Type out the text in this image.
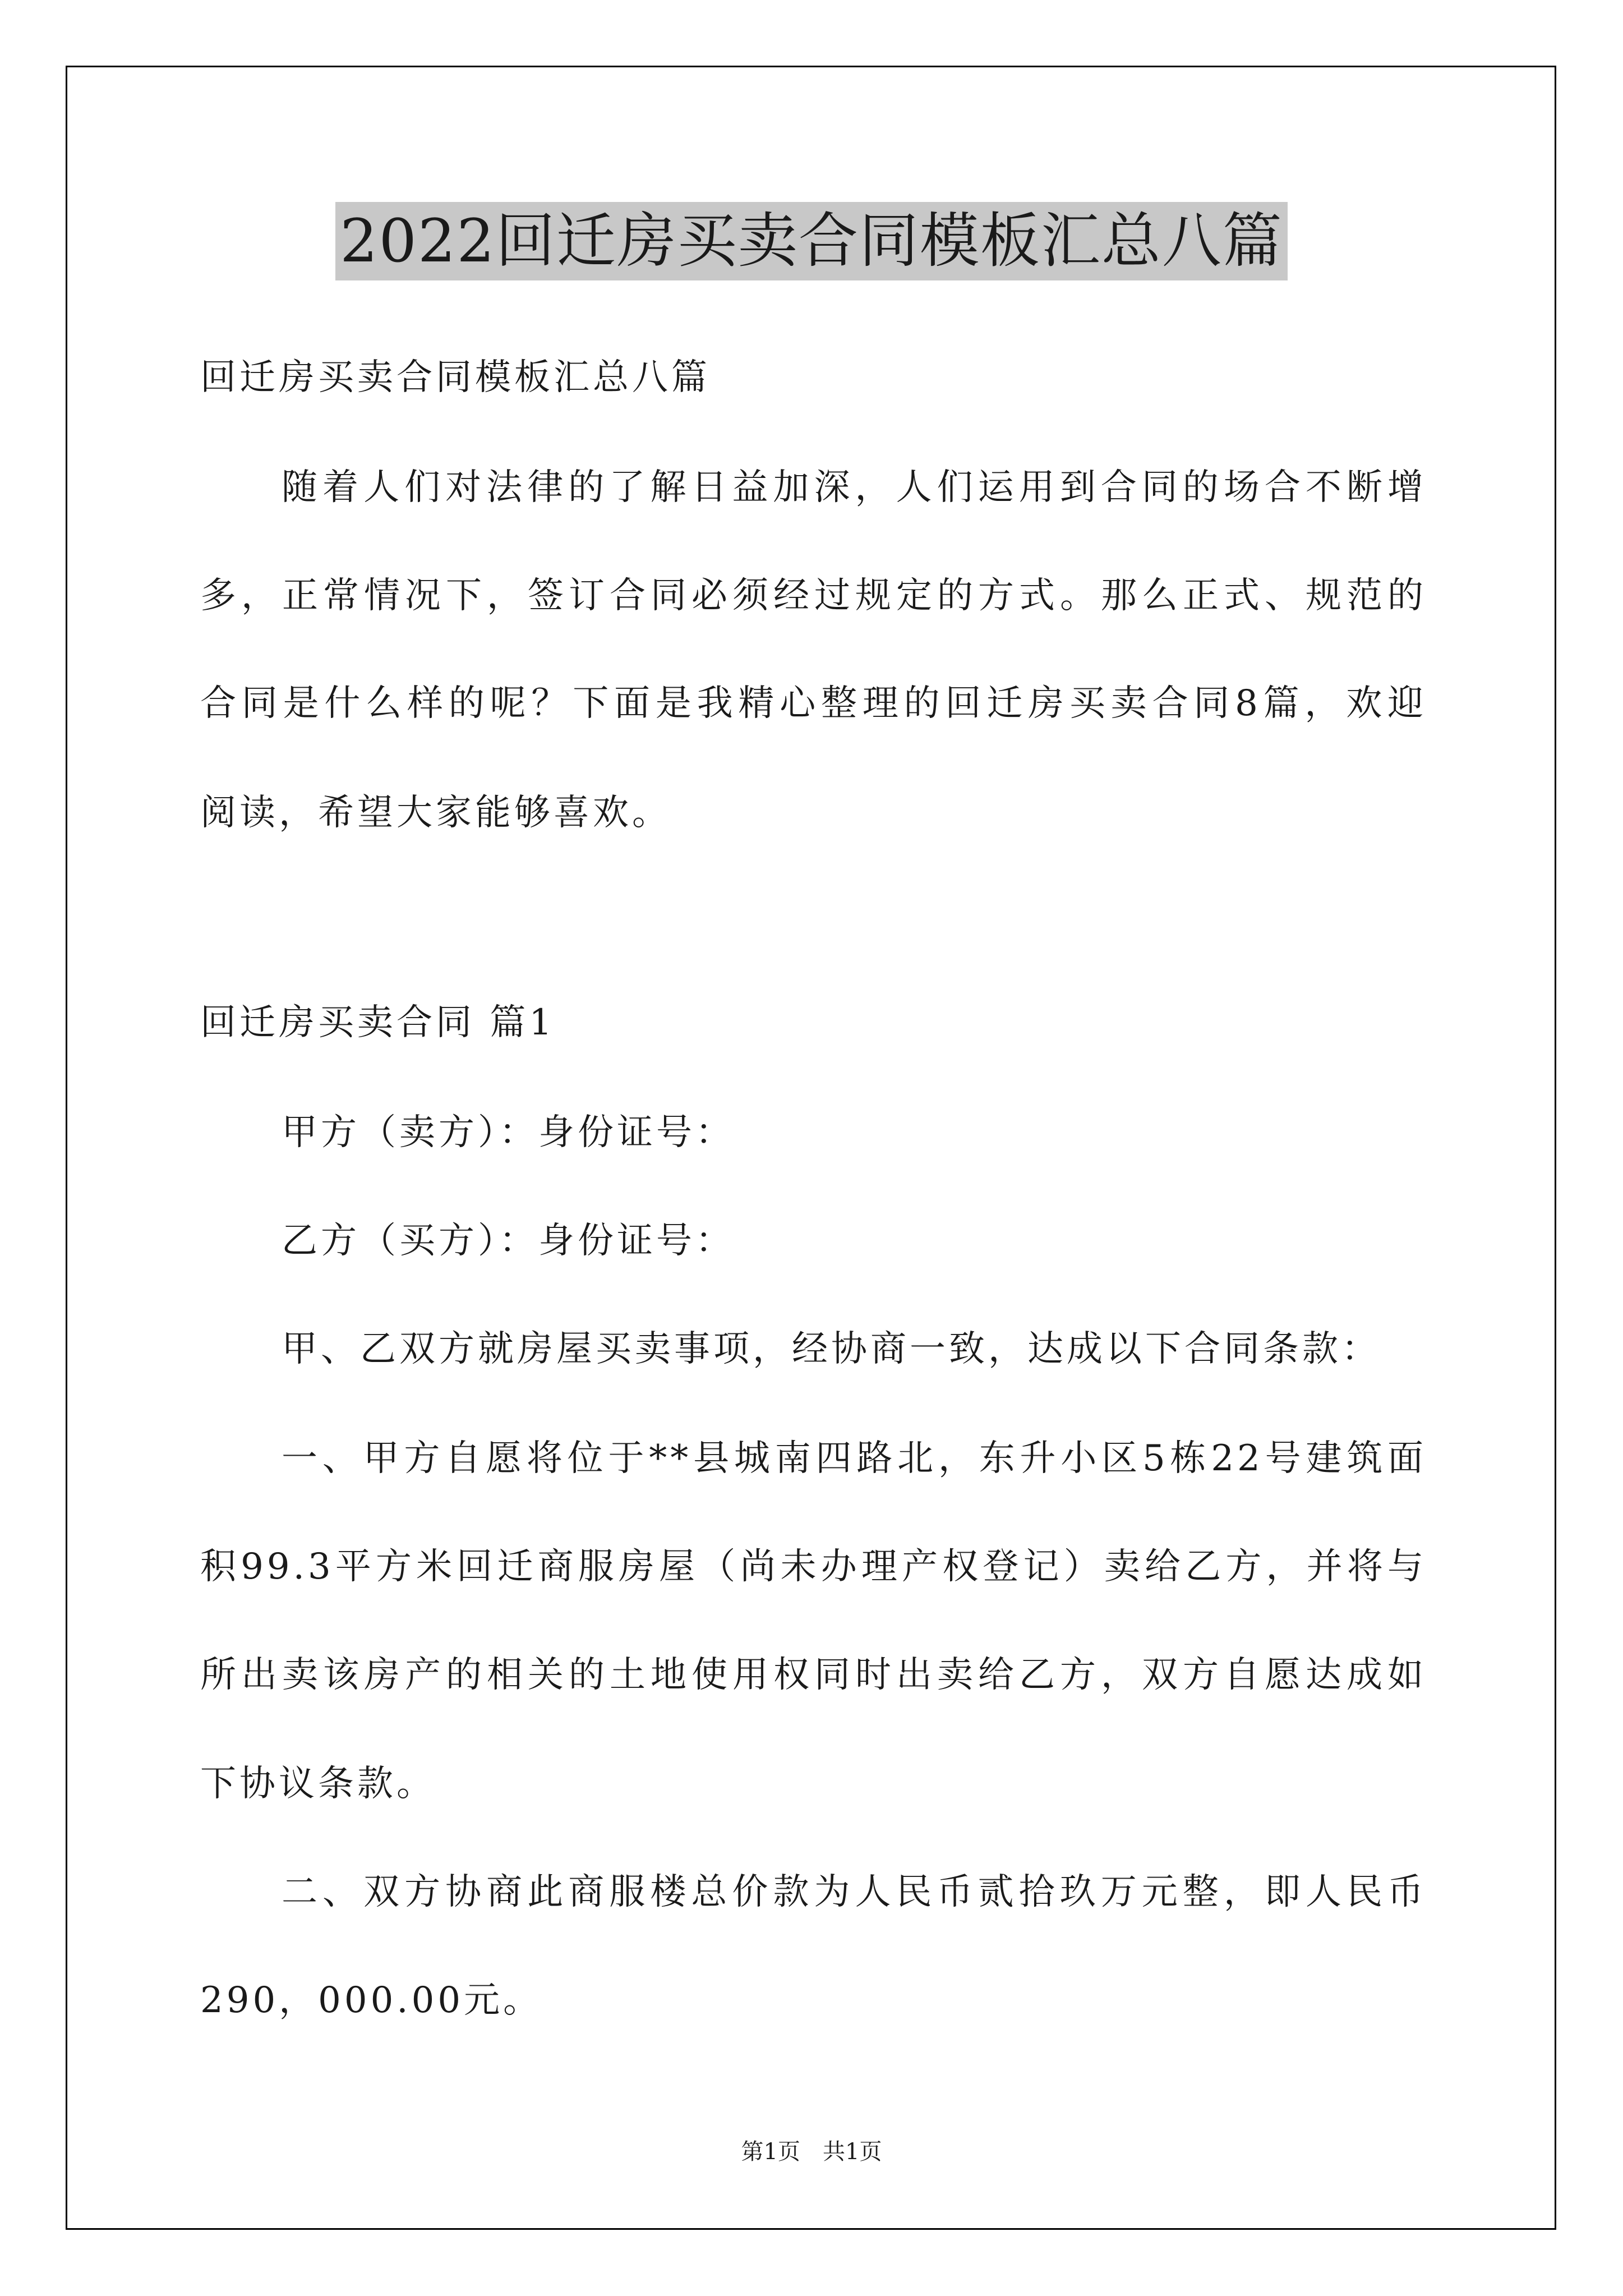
2022回迁房买卖合同模板汇总八篇
回迁房买卖合同模板汇总八篇
随着人们对法律的了解日益加深，人们运用到合同的场合不断增
多，正常情况下，签订合同必须经过规定的方式。那么正式、规范的
合同是什么样的呢？下面是我精心整理的回迁房买卖合同8篇，欢迎
阅读，希望大家能够喜欢。
回迁房买卖合同 篇1
甲方（卖方）：身份证号：
乙方（买方）：身份证号：
甲、乙双方就房屋买卖事项，经协商一致，达成以下合同条款：
一、甲方自愿将位于**县城南四路北，东升小区5栋22号建筑面
积99.3平方米回迁商服房屋（尚未办理产权登记）卖给乙方，并将与
所出卖该房产的相关的土地使用权同时出卖给乙方，双方自愿达成如
下协议条款。
二、双方协商此商服楼总价款为人民币贰拾玖万元整，即人民币
290，000.00元。
第1页　共1页
